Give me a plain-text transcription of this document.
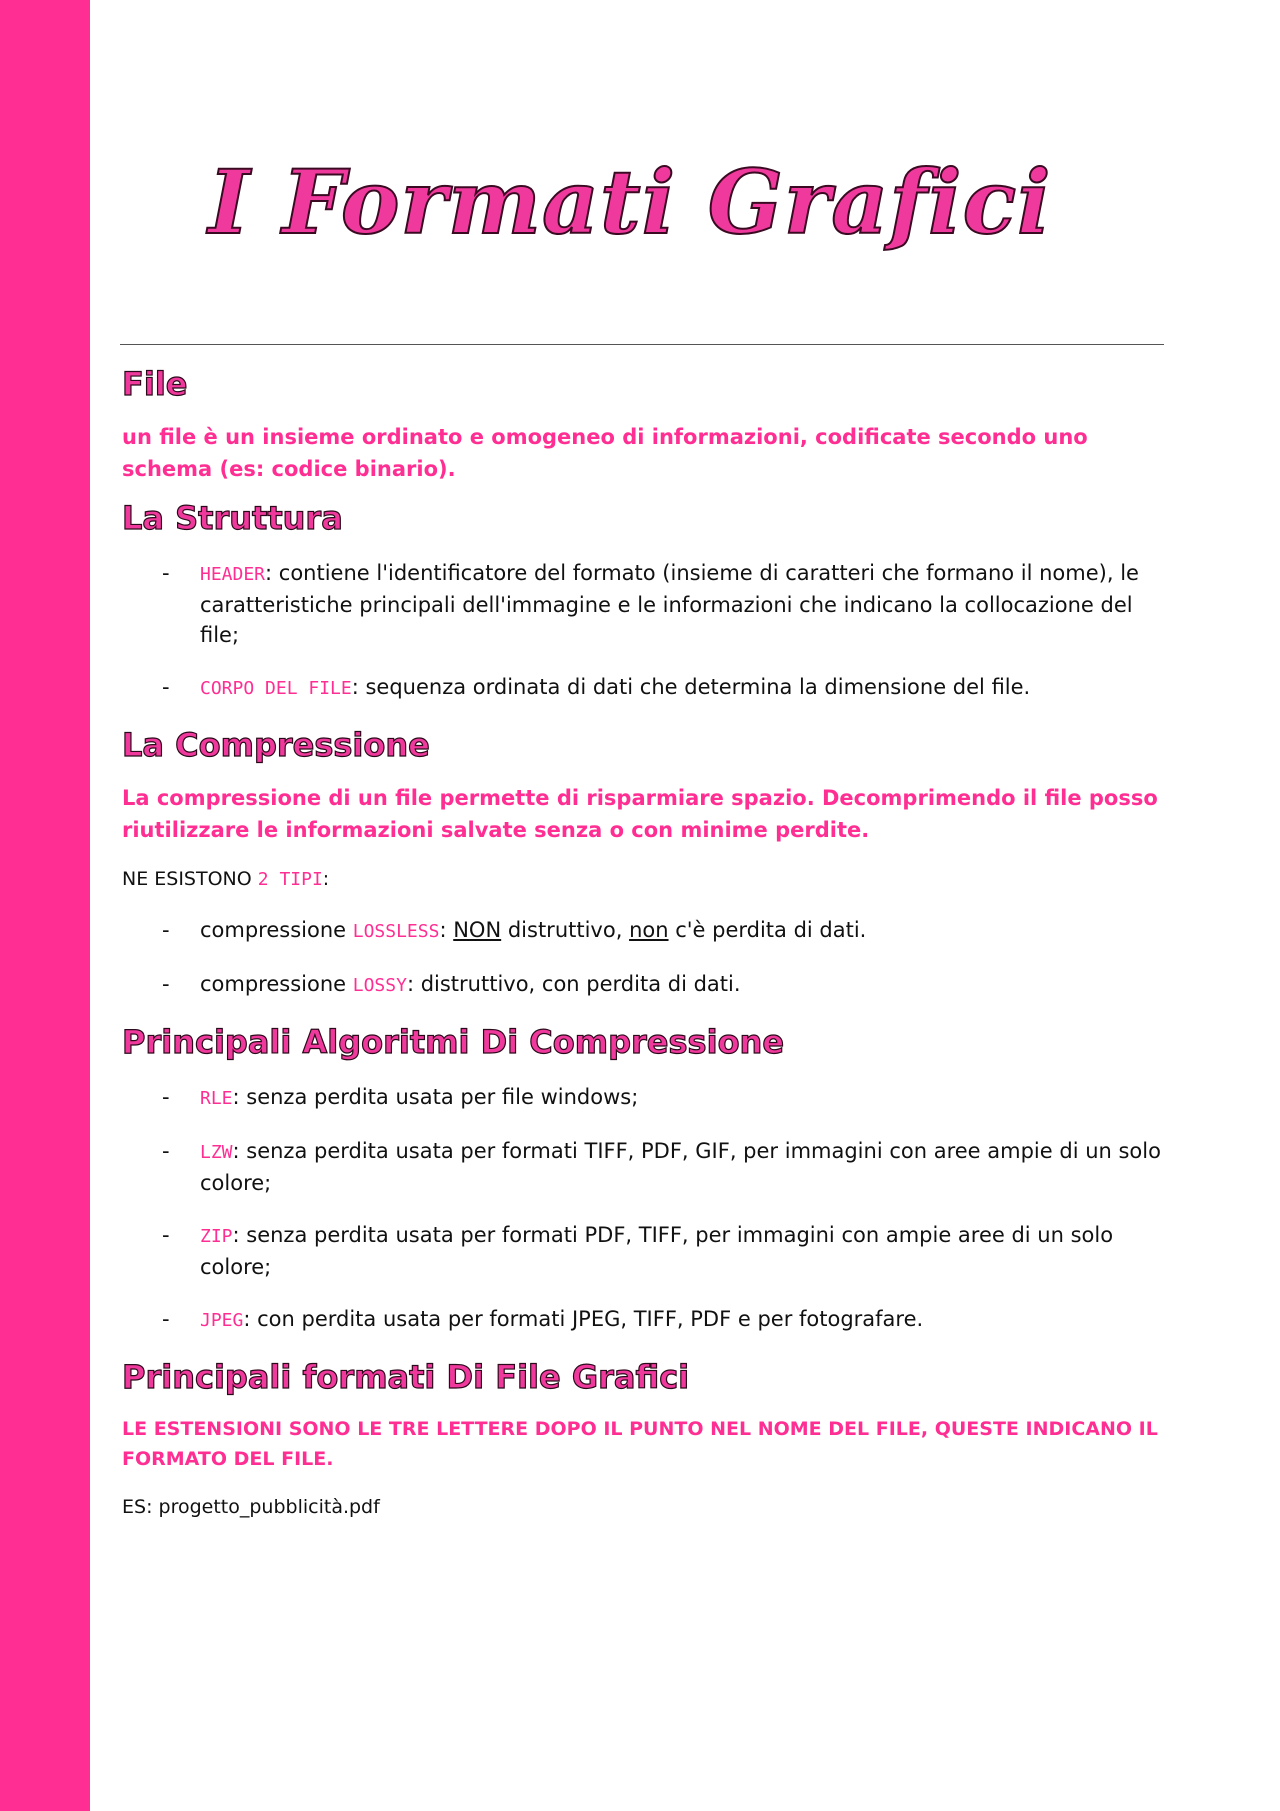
I Formati Grafici
File

un file è un insieme ordinato e omogeneo di informazioni, codificate secondo uno schema (es: codice binario).

La Struttura
- HEADER: contiene l'identificatore del formato (insieme di caratteri che formano il nome), le caratteristiche principali dell'immagine e le informazioni che indicano la collocazione del file;
- CORPO DEL FILE: sequenza ordinata di dati che determina la dimensione del file.
La Compressione

La compressione di un file permette di risparmiare spazio. Decomprimendo il file posso riutilizzare le informazioni salvate senza o con minime perdite.

NE ESISTONO 2 TIPI:

- compressione LOSSLESS: NON distruttivo, non c'è perdita di dati.
- compressione LOSSY: distruttivo, con perdita di dati.
Principali Algoritmi Di Compressione
- RLE: senza perdita usata per file windows;
- LZW: senza perdita usata per formati TIFF, PDF, GIF, per immagini con aree ampie di un solo colore;
- ZIP: senza perdita usata per formati PDF, TIFF, per immagini con ampie aree di un solo colore;
- JPEG: con perdita usata per formati JPEG, TIFF, PDF e per fotografare.
Principali formati Di File Grafici

LE ESTENSIONI SONO LE TRE LETTERE DOPO IL PUNTO NEL NOME DEL FILE, QUESTE INDICANO IL FORMATO DEL FILE.

ES: progetto_pubblicità.pdf
